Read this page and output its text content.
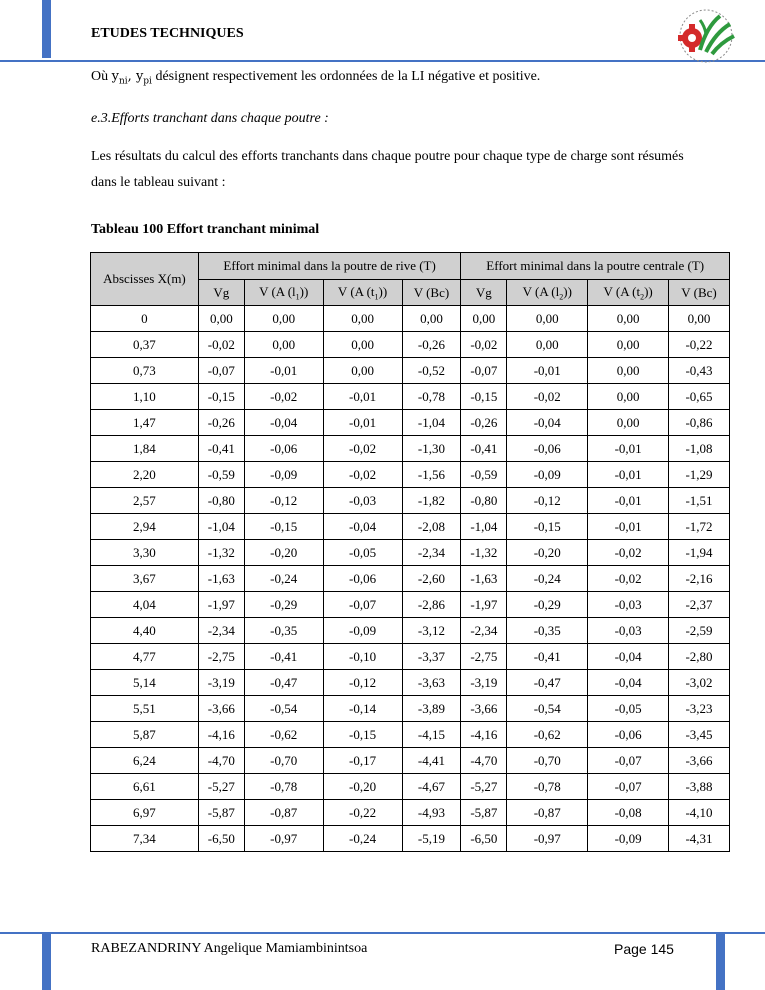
ETUDES TECHNIQUES
Où $y_{ni}$, $y_{pi}$ désignent respectivement les ordonnées de la LI négative et positive.
e.3.Efforts tranchant dans chaque poutre :
Les résultats du calcul des efforts tranchants dans chaque poutre pour chaque type de charge sont résumés dans le tableau suivant :
Tableau 100 Effort tranchant minimal
Abscisses X(m)	Effort minimal dans la poutre de rive (T)				Effort minimal dans la poutre centrale (T)			
	Vg	V (A $(l_1)$)	V (A $(t_1)$)	V (Bc)	Vg	V (A $(l_2)$)	V (A $(t_2)$)	V (Bc)
0	0,00	0,00	0,00	0,00	0,00	0,00	0,00	0,00
0,37	-0,02	0,00	0,00	-0,26	-0,02	0,00	0,00	-0,22
0,73	-0,07	-0,01	0,00	-0,52	-0,07	-0,01	0,00	-0,43
1,10	-0,15	-0,02	-0,01	-0,78	-0,15	-0,02	0,00	-0,65
1,47	-0,26	-0,04	-0,01	-1,04	-0,26	-0,04	0,00	-0,86
1,84	-0,41	-0,06	-0,02	-1,30	-0,41	-0,06	-0,01	-1,08
2,20	-0,59	-0,09	-0,02	-1,56	-0,59	-0,09	-0,01	-1,29
2,57	-0,80	-0,12	-0,03	-1,82	-0,80	-0,12	-0,01	-1,51
2,94	-1,04	-0,15	-0,04	-2,08	-1,04	-0,15	-0,01	-1,72
3,30	-1,32	-0,20	-0,05	-2,34	-1,32	-0,20	-0,02	-1,94
3,67	-1,63	-0,24	-0,06	-2,60	-1,63	-0,24	-0,02	-2,16
4,04	-1,97	-0,29	-0,07	-2,86	-1,97	-0,29	-0,03	-2,37
4,40	-2,34	-0,35	-0,09	-3,12	-2,34	-0,35	-0,03	-2,59
4,77	-2,75	-0,41	-0,10	-3,37	-2,75	-0,41	-0,04	-2,80
5,14	-3,19	-0,47	-0,12	-3,63	-3,19	-0,47	-0,04	-3,02
5,51	-3,66	-0,54	-0,14	-3,89	-3,66	-0,54	-0,05	-3,23
5,87	-4,16	-0,62	-0,15	-4,15	-4,16	-0,62	-0,06	-3,45
6,24	-4,70	-0,70	-0,17	-4,41	-4,70	-0,70	-0,07	-3,66
6,61	-5,27	-0,78	-0,20	-4,67	-5,27	-0,78	-0,07	-3,88
6,97	-5,87	-0,87	-0,22	-4,93	-5,87	-0,87	-0,08	-4,10
7,34	-6,50	-0,97	-0,24	-5,19	-6,50	-0,97	-0,09	-4,31
RABEZANDRINY Angelique Mamiambinintsoa	Page 145
